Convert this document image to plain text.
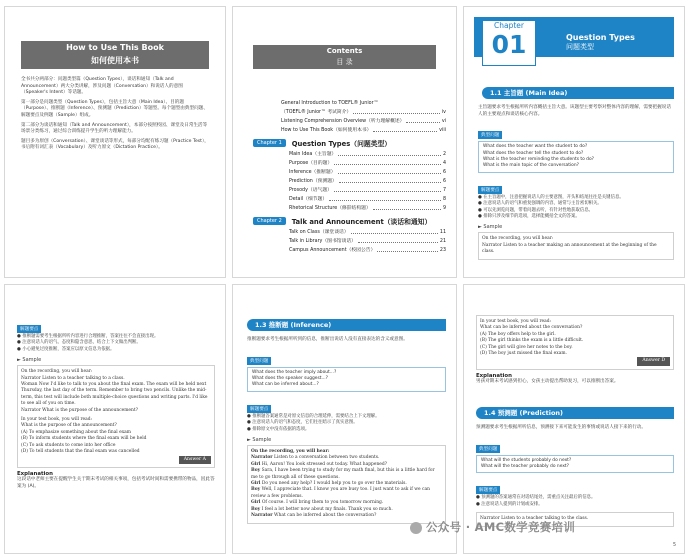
How to Use This Book
如何使用本书

全书共分两部分：问题类型篇（Question Types），谈话和通知（Talk and Announcement）两大分类讲解，涉及问题（Conversation）和说话人的意图（Speaker's Intent）等话题。

第一部分是问题类型（Question Types），包括主旨大意（Main Idea）、目的题（Purpose）、推断题（Inference）、预测题（Prediction）等题型。每个题型由典型问题、解题要点及例题（Sample）组成。

第二部分为谈话和通知（Talk and Announcement），本部分按照校园、课堂及日常生活等场景分类练习，通过综合训练提升学生的听力理解能力。

题目多为原创（Conversation）、课堂谈话等形式，每部分均配有练习题（Practice Test），书后附有词汇表（Vocabulary）及听力原文（Dictation Practice）。

Contents
目 录
General Introduction to TOEFL® Junior™
（TOEFL® Junior™ 考试简介）	iv
Listening Comprehension Overview（听力理解概述）	vi
How to Use This Book（如何使用本书）	viii
Chapter 1	Question Types（问题类型）
Main Idea（主旨题）	2
Purpose（目的题）	4
Inference（推断题）	6
Prediction（预测题）	6
Prosody（语气题）	7
Detail（细节题）	8
Rhetorical Structure（修辞结构题）	9
Chapter 2	Talk and Announcement（谈话和通知）
Talk on Class（课堂谈话）	11
Talk in Library（图书馆谈话）	21
Campus Announcement（校园公告）	23
Chapter
01	Question Types
问题类型
1.1 主旨题 (Main Idea)
主旨题要求考生根据所听内容概括主旨大意。该题型主要考察对整体内容的理解，需要把握说话人的主要观点和谈话核心内容。
典型问题
What does the teacher want the student to do?
What does the teacher tell the student to do?
What is the teacher reminding the students to do?
What is the main topic of the conversation?
解题要点
● 在主旨题中，注意把握说话人的主要意图，开头和结尾往往是关键信息。
● 注意说话人的语气和重复强调的内容，通常与主旨密切相关。
● 可以先浏览问题，带着问题去听，有针对性地获取信息。
● 排除只涉及细节的选项，选择能概括全文的答案。
► Sample
On the recording, you will hear:
Narrator Listen to a teacher making an announcement at the beginning of the class.
解题要点
● 推断题需要考生根据所听内容进行合理推断，答案往往不会直接出现。
● 注意说话人的语气、态度和隐含意思，结合上下文做出判断。
● 小心避免过度推断，答案应以原文信息为依据。
► Sample
On the recording, you will hear:
Narrator Listen to a teacher talking to a class.
Woman Now I'd like to talk to you about the final exam. The exam will be held next Thursday, the last day of the term. Remember to bring two pencils. Unlike the mid-term, this test will include both multiple-choice questions and writing parts. I'd like to see all of you on time.
Narrator What is the purpose of the announcement?
In your test book, you will read:
What is the purpose of the announcement?
(A) To emphasize something about the final exam
(B) To inform students where the final exam will be held
(C) To ask students to come into her office
(D) To tell students that the final exam was cancelled
Answer A
Explanation
这段话中老师主要在提醒学生关于期末考试的相关事项，包括考试时间和需要携带的物品，因此答案为 (A)。
1.3 推断题 (Inference)
推断题要求考生根据所听到的信息，推断出说话人没有直接表达的含义或意图。
典型问题
What does the teacher imply about...?
What does the speaker suggest...?
What can be inferred about...?
解题要点
● 推断题答案通常是对原文信息的合理延伸，需要结合上下文理解。
● 注意说话人的语气和态度，它们往往暗示了真实意图。
● 排除原文中没有依据的选项。
► Sample
On the recording, you will hear:
Narrator Listen to a conversation between two students.
Girl Hi, Aaron! You look stressed out today. What happened?
Boy Sara, I have been trying to study for my math final, but this is a little hard for me to go through all of these questions.
Girl Do you need any help? I would help you to go over the materials.
Boy Well, I appreciate that. I know you are busy too. I just want to ask if we can review a few problems.
Girl Of course. I will bring them to you tomorrow morning.
Boy I feel a lot better now about my finals. Thank you so much.
Narrator What can be inferred about the conversation?
In your test book, you will read:
What can be inferred about the conversation?
(A) The boy offers help to the girl.
(B) The girl thinks the exam is a little difficult.
(C) The girl will give her notes to the boy.
(D) The boy just missed the final exam.
Answer D
Explanation
男孩对期末考试感到担心，女孩主动提出帮助复习，可以推断出答案。
1.4 预测题 (Prediction)
预测题要求考生根据所听信息，预测接下来可能发生的事情或说话人接下来的行动。
典型问题
What will the students probably do next?
What will the teacher probably do next?
解题要点
● 预测题的答案通常在对话结尾处，需重点关注最后的信息。
● 注意说话人提到的计划或安排。
Narrator Listen to a teacher talking to the class.
5
公众号 · AMC数学竞赛培训
